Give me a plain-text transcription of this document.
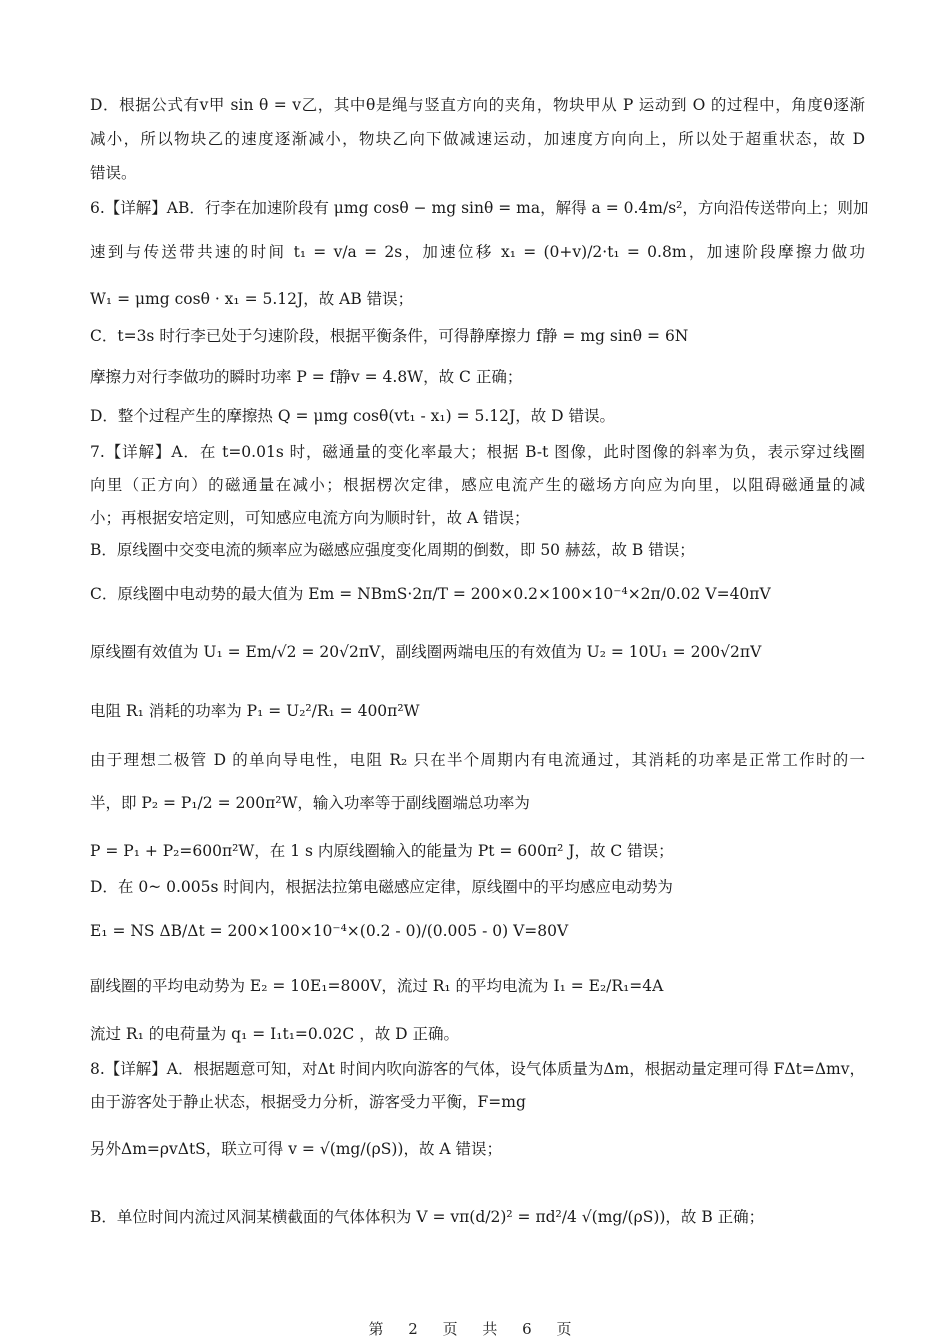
D．根据公式有v甲 sin θ = v乙，其中θ是绳与竖直方向的夹角，物块甲从 P 运动到 O 的过程中，角度θ逐渐
减小，所以物块乙的速度逐渐减小，物块乙向下做减速运动，加速度方向向上，所以处于超重状态，故 D
错误。
6.【详解】AB．行李在加速阶段有 μmg cosθ − mg sinθ = ma，解得 a = 0.4m/s²，方向沿传送带向上；则加
速到与传送带共速的时间 t₁ = v/a = 2s，加速位移 x₁ = (0+v)/2·t₁ = 0.8m，加速阶段摩擦力做功
W₁ = μmg cosθ · x₁ = 5.12J，故 AB 错误；
C．t=3s 时行李已处于匀速阶段，根据平衡条件，可得静摩擦力 f静 = mg sinθ = 6N
摩擦力对行李做功的瞬时功率 P = f静v = 4.8W，故 C 正确；
D．整个过程产生的摩擦热 Q = μmg cosθ(vt₁ - x₁) = 5.12J，故 D 错误。
7.【详解】A．在 t=0.01s 时，磁通量的变化率最大；根据 B-t 图像，此时图像的斜率为负，表示穿过线圈
向里（正方向）的磁通量在减小；根据楞次定律，感应电流产生的磁场方向应为向里，以阻碍磁通量的减
小；再根据安培定则，可知感应电流方向为顺时针，故 A 错误；
B．原线圈中交变电流的频率应为磁感应强度变化周期的倒数，即 50 赫兹，故 B 错误；
C．原线圈中电动势的最大值为 Em = NBmS·2π/T = 200×0.2×100×10⁻⁴×2π/0.02 V=40πV
原线圈有效值为 U₁ = Em/√2 = 20√2πV，副线圈两端电压的有效值为 U₂ = 10U₁ = 200√2πV
电阻 R₁ 消耗的功率为 P₁ = U₂²/R₁ = 400π²W
由于理想二极管 D 的单向导电性，电阻 R₂ 只在半个周期内有电流通过，其消耗的功率是正常工作时的一
半，即 P₂ = P₁/2 = 200π²W，输入功率等于副线圈端总功率为
P = P₁ + P₂=600π²W，在 1 s 内原线圈输入的能量为 Pt = 600π² J，故 C 错误；
D．在 0~ 0.005s 时间内，根据法拉第电磁感应定律，原线圈中的平均感应电动势为
E₁ = NS ΔB/Δt = 200×100×10⁻⁴×(0.2 - 0)/(0.005 - 0) V=80V
副线圈的平均电动势为 E₂ = 10E₁=800V，流过 R₁ 的平均电流为 I₁ = E₂/R₁=4A
流过 R₁ 的电荷量为 q₁ = I₁t₁=0.02C ，故 D 正确。
8.【详解】A．根据题意可知，对Δt 时间内吹向游客的气体，设气体质量为Δm，根据动量定理可得 FΔt=Δmv，
由于游客处于静止状态，根据受力分析，游客受力平衡，F=mg
另外Δm=ρvΔtS，联立可得 v = √(mg/(ρS))，故 A 错误；
B．单位时间内流过风洞某横截面的气体体积为 V = vπ(d/2)² = πd²/4 √(mg/(ρS))，故 B 正确；
第 2 页 共 6 页
